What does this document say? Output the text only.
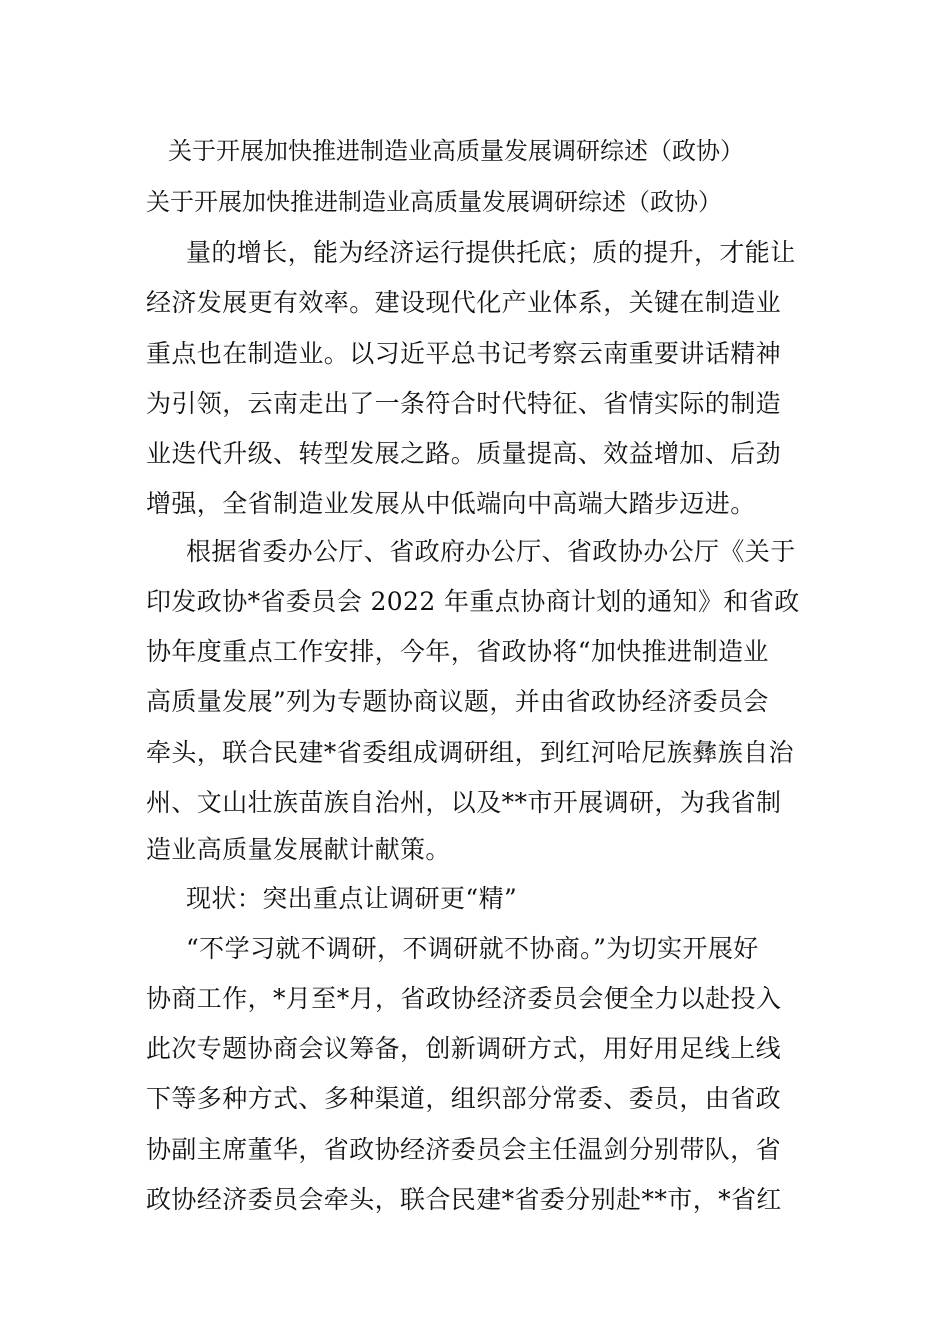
关于开展加快推进制造业高质量发展调研综述（政协）
关于开展加快推进制造业高质量发展调研综述（政协）
量的增长，能为经济运行提供托底；质的提升，才能让
经济发展更有效率。建设现代化产业体系，关键在制造业
重点也在制造业。以习近平总书记考察云南重要讲话精神
为引领，云南走出了一条符合时代特征、省情实际的制造
业迭代升级、转型发展之路。质量提高、效益增加、后劲
增强，全省制造业发展从中低端向中高端大踏步迈进。
根据省委办公厅、省政府办公厅、省政协办公厅《关于
印发政协*省委员会 2022 年重点协商计划的通知》和省政
协年度重点工作安排，今年，省政协将“加快推进制造业
高质量发展”列为专题协商议题，并由省政协经济委员会
牵头，联合民建*省委组成调研组，到红河哈尼族彝族自治
州、文山壮族苗族自治州，以及**市开展调研，为我省制
造业高质量发展献计献策。
现状：突出重点让调研更“精”
“不学习就不调研，不调研就不协商。”为切实开展好
协商工作，*月至*月，省政协经济委员会便全力以赴投入
此次专题协商会议筹备，创新调研方式，用好用足线上线
下等多种方式、多种渠道，组织部分常委、委员，由省政
协副主席董华，省政协经济委员会主任温剑分别带队，省
政协经济委员会牵头，联合民建*省委分别赴**市，*省红
